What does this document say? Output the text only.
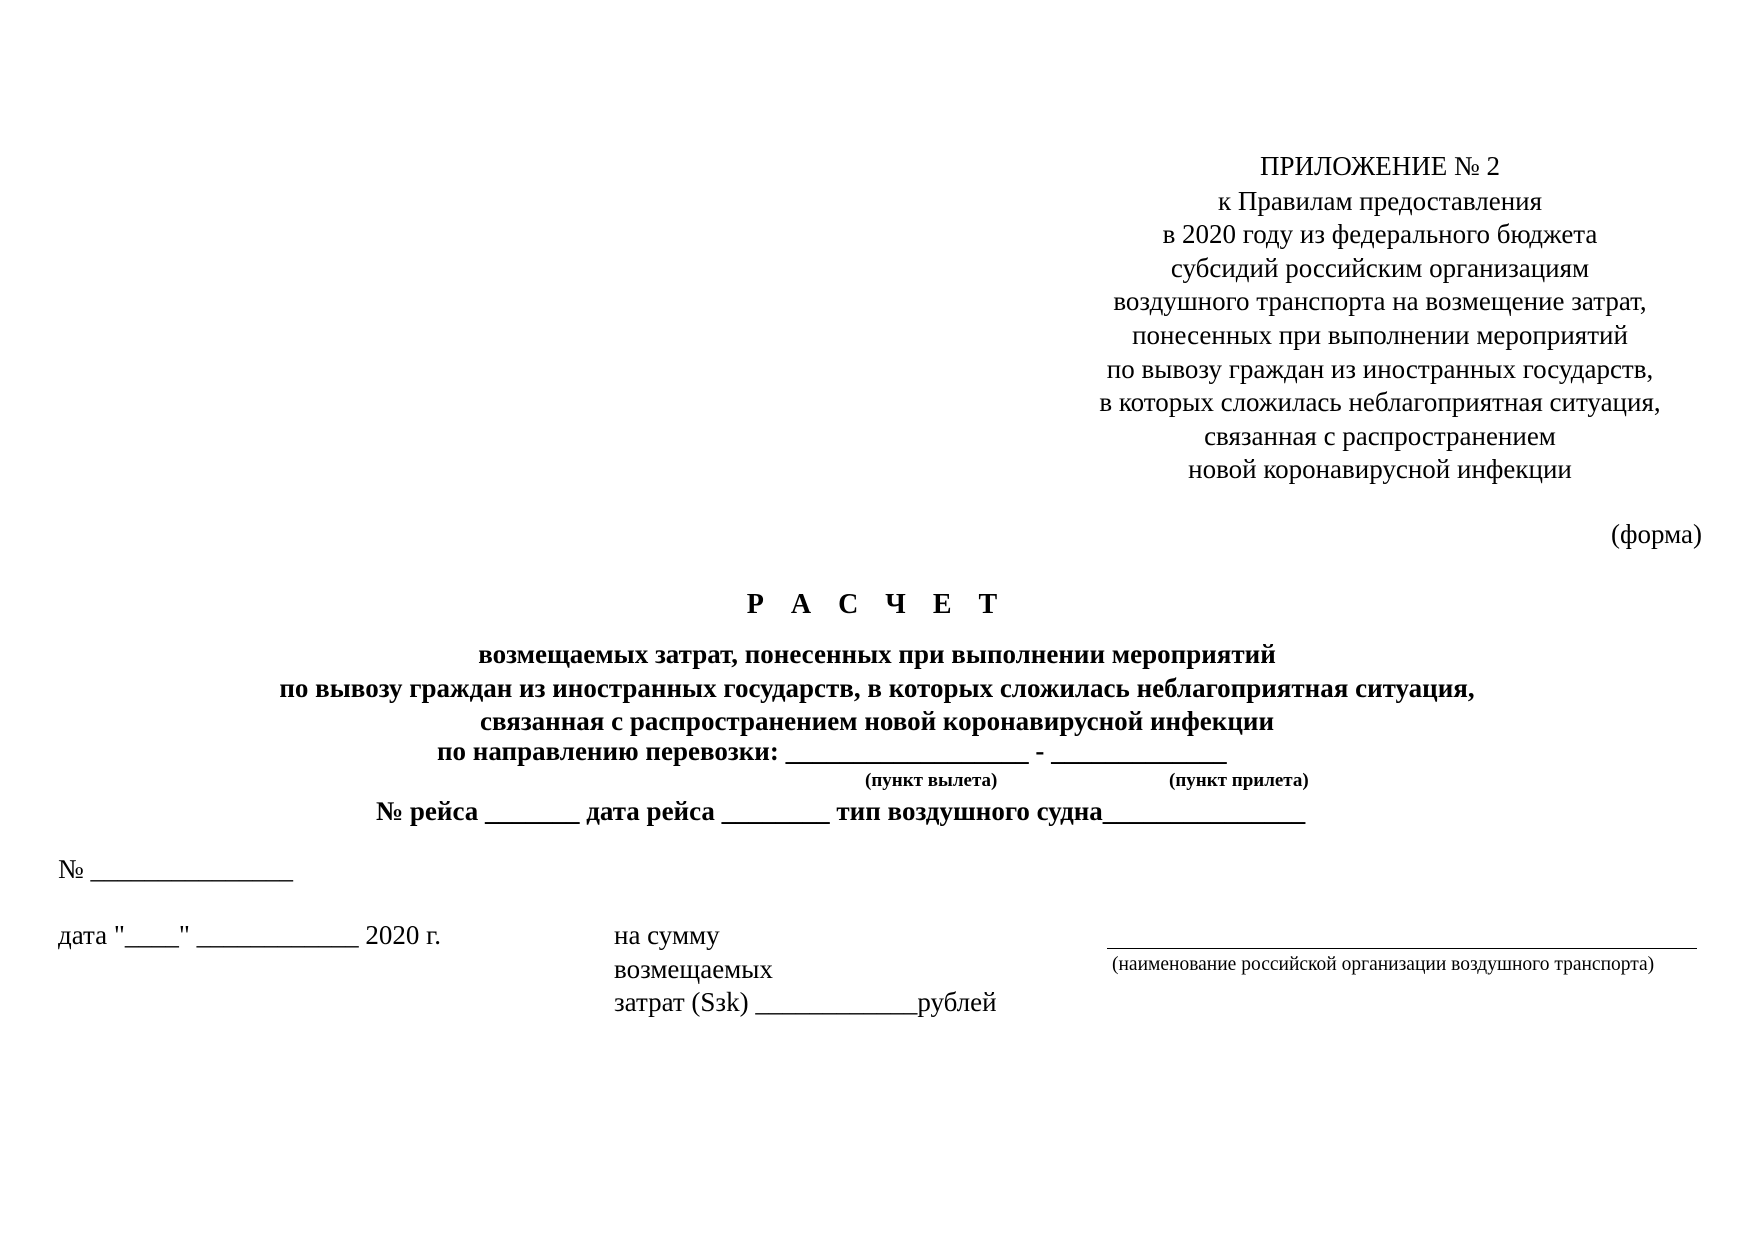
ПРИЛОЖЕНИЕ № 2
к Правилам предоставления
в 2020 году из федерального бюджета
субсидий российским организациям
воздушного транспорта на возмещение затрат,
понесенных при выполнении мероприятий
по вывозу граждан из иностранных государств,
в которых сложилась неблагоприятная ситуация,
связанная с распространением
новой коронавирусной инфекции
(форма)
Р А С Ч Е Т
возмещаемых затрат, понесенных при выполнении мероприятий
по вывозу граждан из иностранных государств, в которых сложилась неблагоприятная ситуация,
связанная с распространением новой коронавирусной инфекции
по направлению перевозки: __________________ - _____________
(пункт вылета)	(пункт прилета)
№ рейса _______ дата рейса ________ тип воздушного судна_______________
№ _______________
дата "____" ____________ 2020 г.	на сумму
возмещаемых
затрат (Sзk) ____________рублей
(наименование российской организации воздушного транспорта)
